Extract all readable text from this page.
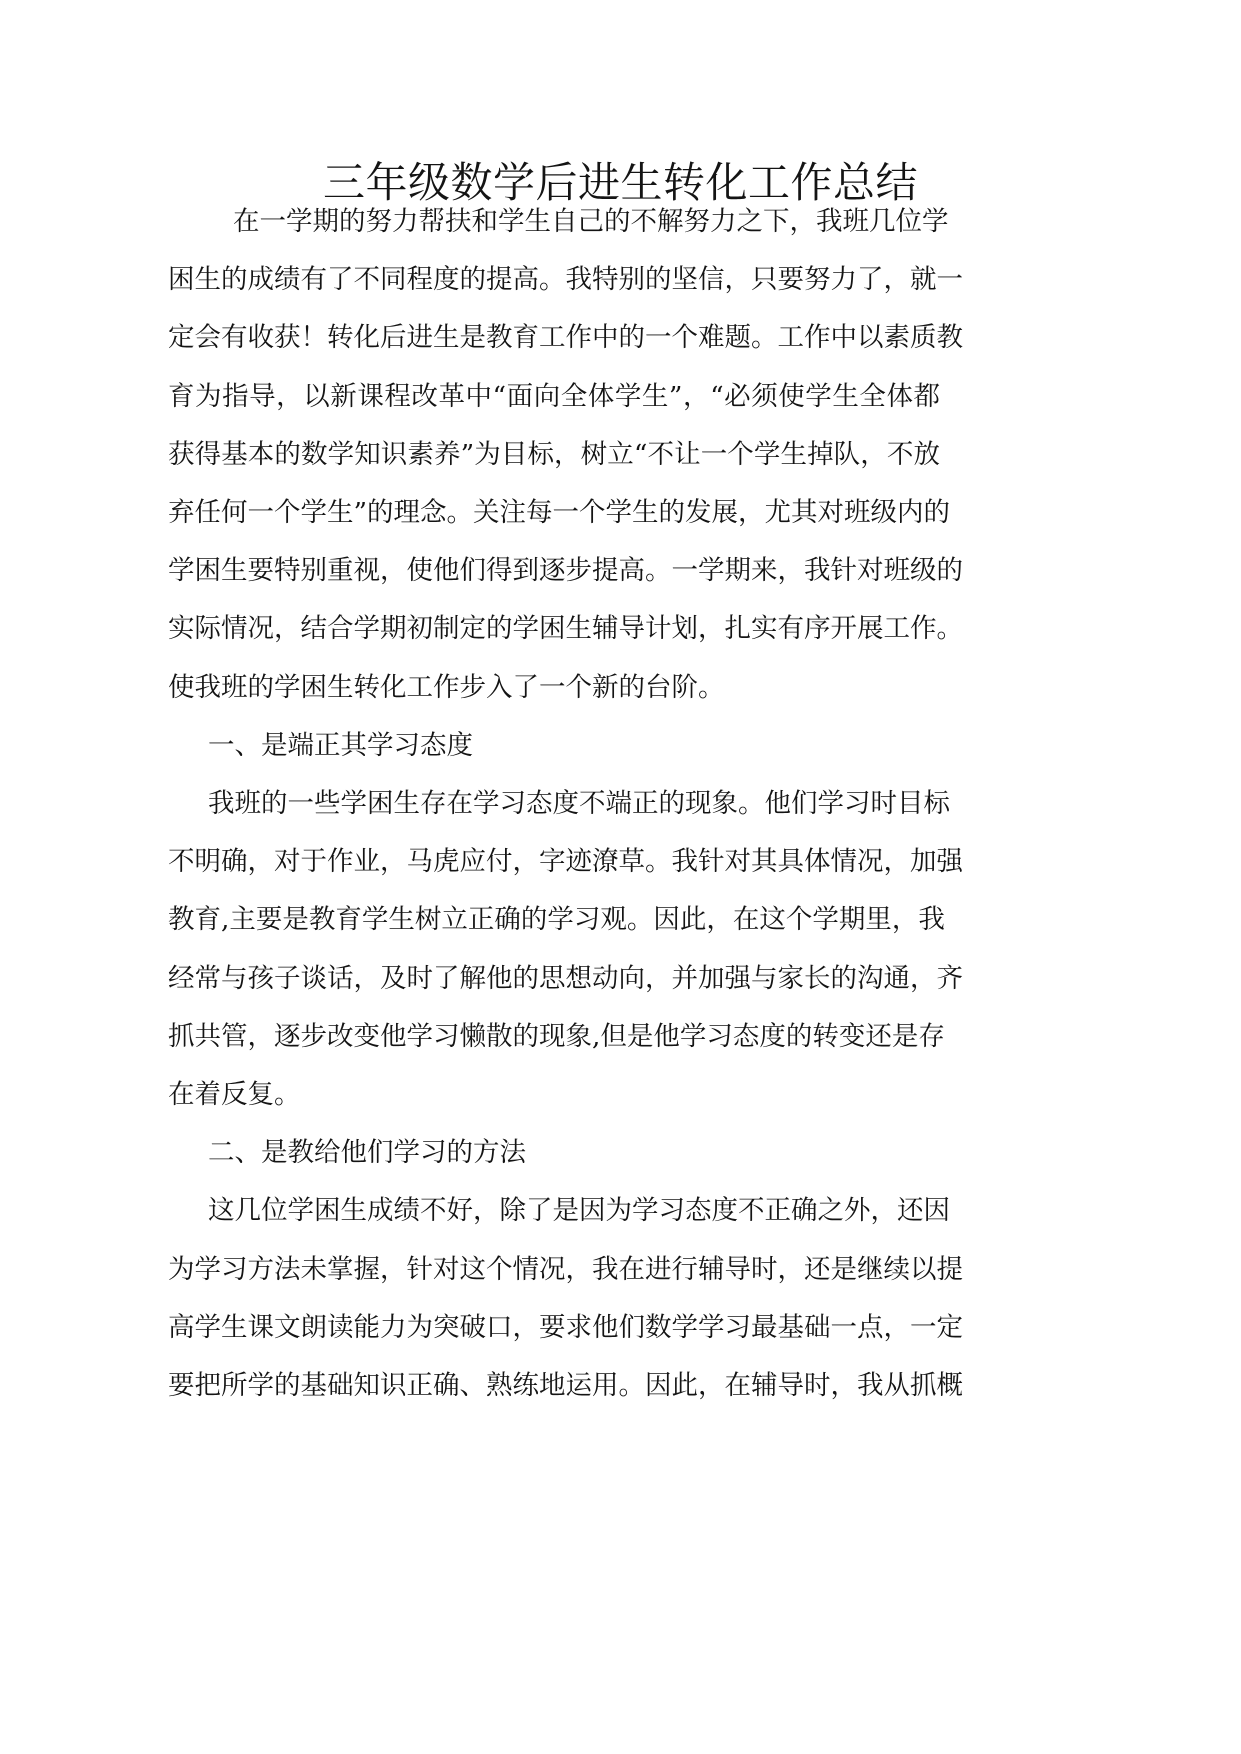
三年级数学后进生转化工作总结
在一学期的努力帮扶和学生自己的不解努力之下，我班几位学
困生的成绩有了不同程度的提高。我特别的坚信，只要努力了，就一
定会有收获！转化后进生是教育工作中的一个难题。工作中以素质教
育为指导，以新课程改革中“面向全体学生”，“必须使学生全体都
获得基本的数学知识素养”为目标，树立“不让一个学生掉队，不放
弃任何一个学生”的理念。关注每一个学生的发展，尤其对班级内的
学困生要特别重视，使他们得到逐步提高。一学期来，我针对班级的
实际情况，结合学期初制定的学困生辅导计划，扎实有序开展工作。
使我班的学困生转化工作步入了一个新的台阶。
一、是端正其学习态度
我班的一些学困生存在学习态度不端正的现象。他们学习时目标
不明确，对于作业，马虎应付，字迹潦草。我针对其具体情况，加强
教育,主要是教育学生树立正确的学习观。因此，在这个学期里，我
经常与孩子谈话，及时了解他的思想动向，并加强与家长的沟通，齐
抓共管，逐步改变他学习懒散的现象,但是他学习态度的转变还是存
在着反复。
二、是教给他们学习的方法
这几位学困生成绩不好，除了是因为学习态度不正确之外，还因
为学习方法未掌握，针对这个情况，我在进行辅导时，还是继续以提
高学生课文朗读能力为突破口，要求他们数学学习最基础一点，一定
要把所学的基础知识正确、熟练地运用。因此，在辅导时，我从抓概
